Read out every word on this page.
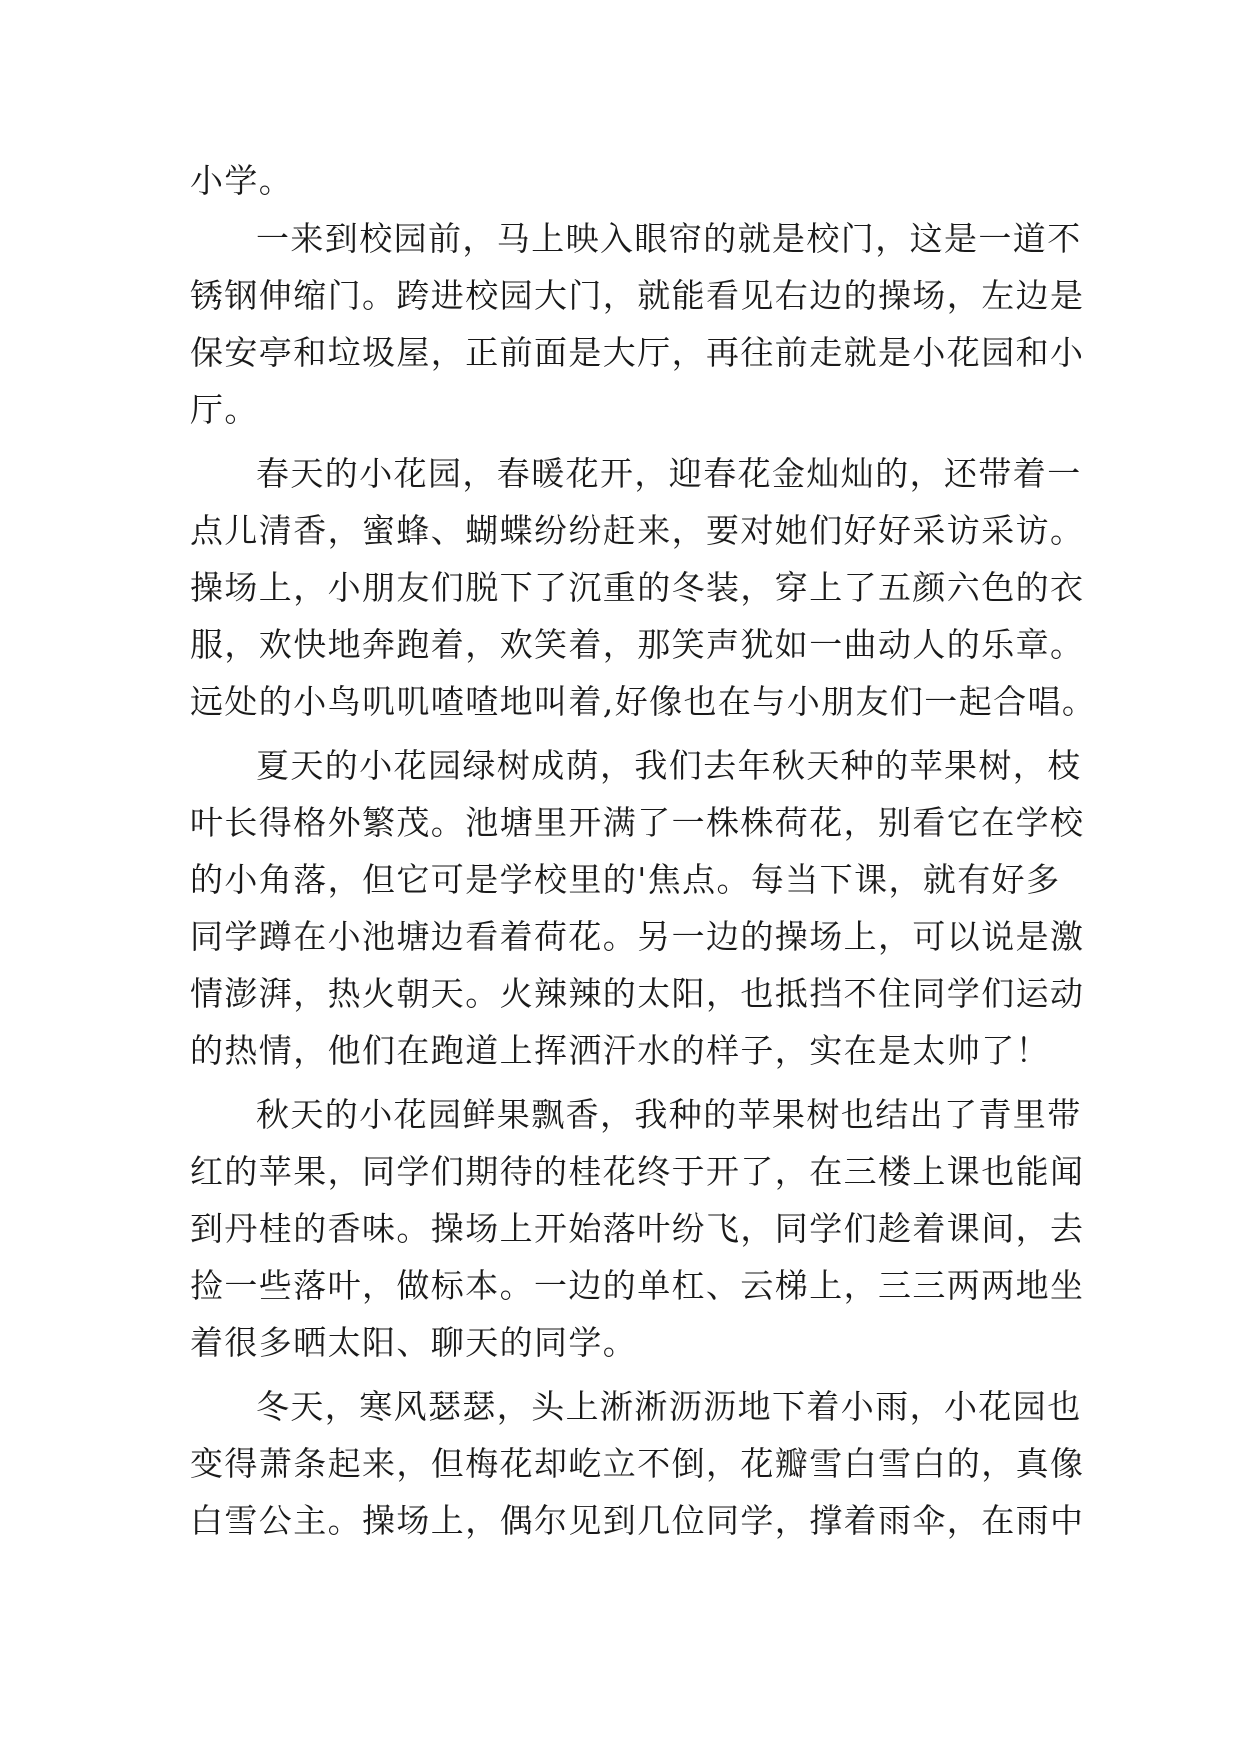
小学。
一来到校园前，马上映入眼帘的就是校门，这是一道不
锈钢伸缩门。跨进校园大门，就能看见右边的操场，左边是
保安亭和垃圾屋，正前面是大厅，再往前走就是小花园和小
厅。
春天的小花园，春暖花开，迎春花金灿灿的，还带着一
点儿清香，蜜蜂、蝴蝶纷纷赶来，要对她们好好采访采访。
操场上，小朋友们脱下了沉重的冬装，穿上了五颜六色的衣
服，欢快地奔跑着，欢笑着，那笑声犹如一曲动人的乐章。
远处的小鸟叽叽喳喳地叫着,好像也在与小朋友们一起合唱。
夏天的小花园绿树成荫，我们去年秋天种的苹果树，枝
叶长得格外繁茂。池塘里开满了一株株荷花，别看它在学校
的小角落，但它可是学校里的'焦点。每当下课，就有好多
同学蹲在小池塘边看着荷花。另一边的操场上，可以说是激
情澎湃，热火朝天。火辣辣的太阳，也抵挡不住同学们运动
的热情，他们在跑道上挥洒汗水的样子，实在是太帅了！
秋天的小花园鲜果飘香，我种的苹果树也结出了青里带
红的苹果，同学们期待的桂花终于开了，在三楼上课也能闻
到丹桂的香味。操场上开始落叶纷飞，同学们趁着课间，去
捡一些落叶，做标本。一边的单杠、云梯上，三三两两地坐
着很多晒太阳、聊天的同学。
冬天，寒风瑟瑟，头上淅淅沥沥地下着小雨，小花园也
变得萧条起来，但梅花却屹立不倒，花瓣雪白雪白的，真像
白雪公主。操场上，偶尔见到几位同学，撑着雨伞，在雨中
